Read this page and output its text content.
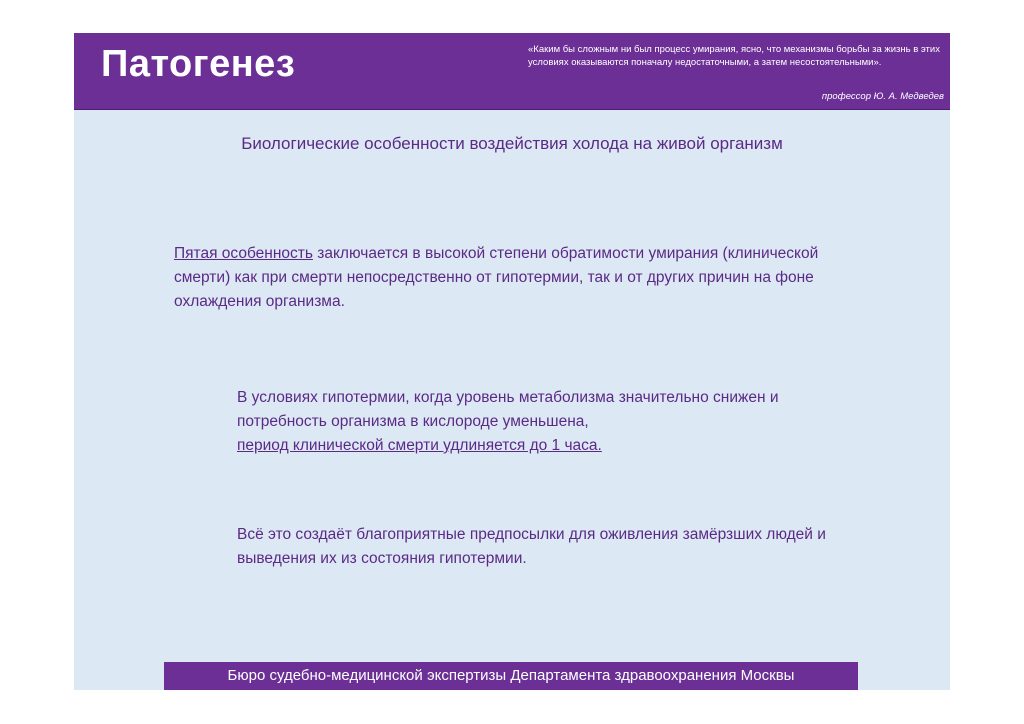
Патогенез	«Каким бы сложным ни был процесс умирания, ясно, что механизмы борьбы за жизнь в этих условиях оказываются поначалу недостаточными, а затем несостоятельными».
профессор Ю. А. Медведев
Биологические особенности воздействия холода на живой организм
Пятая особенность заключается в высокой степени обратимости умирания (клинической смерти) как при смерти непосредственно от гипотермии, так и от других причин на фоне охлаждения организма.
В условиях гипотермии, когда уровень метаболизма значительно снижен и потребность организма в кислороде уменьшена,
период клинической смерти удлиняется до 1 часа.
Всё это создаёт благоприятные предпосылки для оживления замёрзших людей и выведения их из состояния гипотермии.
Бюро судебно-медицинской экспертизы Департамента здравоохранения Москвы
